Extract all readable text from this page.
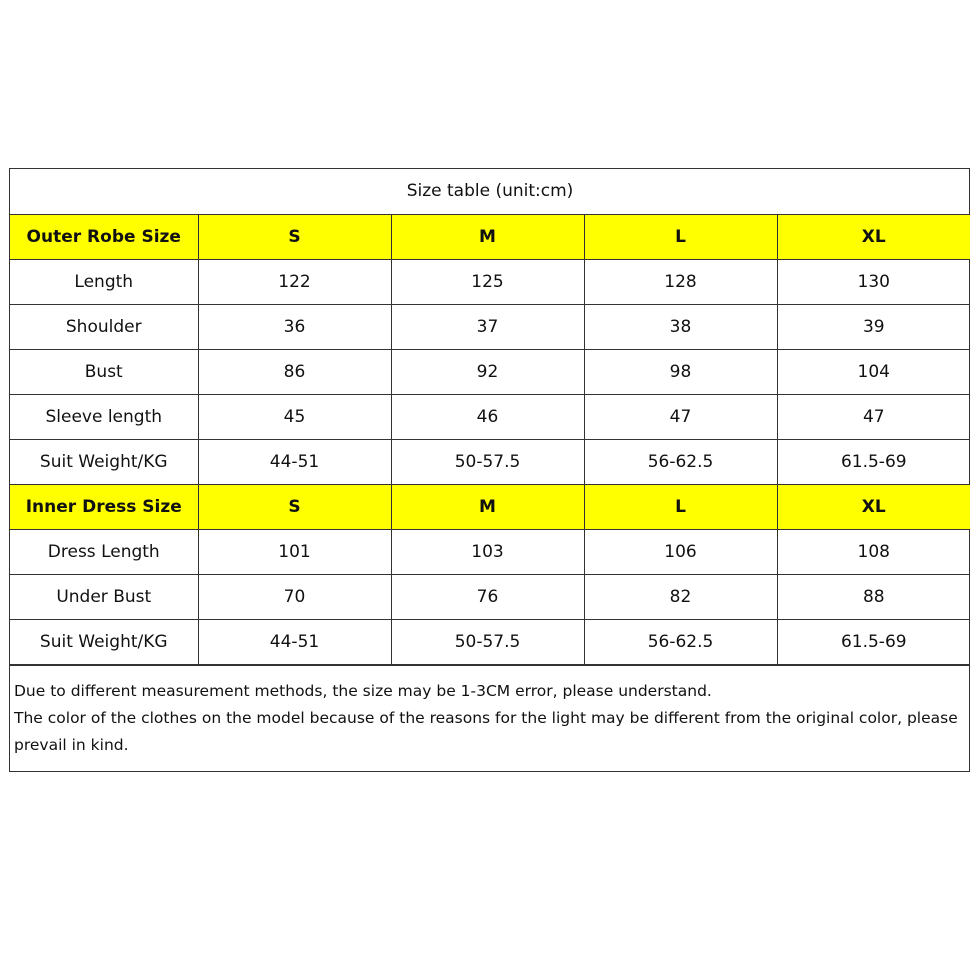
Size table (unit:cm)				
Outer Robe Size	S	M	L	XL
Length	122	125	128	130
Shoulder	36	37	38	39
Bust	86	92	98	104
Sleeve length	45	46	47	47
Suit Weight/KG	44-51	50-57.5	56-62.5	61.5-69
Inner Dress Size	S	M	L	XL
Dress Length	101	103	106	108
Under Bust	70	76	82	88
Suit Weight/KG	44-51	50-57.5	56-62.5	61.5-69
Due to different measurement methods, the size may be 1-3CM error, please understand.
The color of the clothes on the model because of the reasons for the light may be different from the original color, please prevail in kind.
